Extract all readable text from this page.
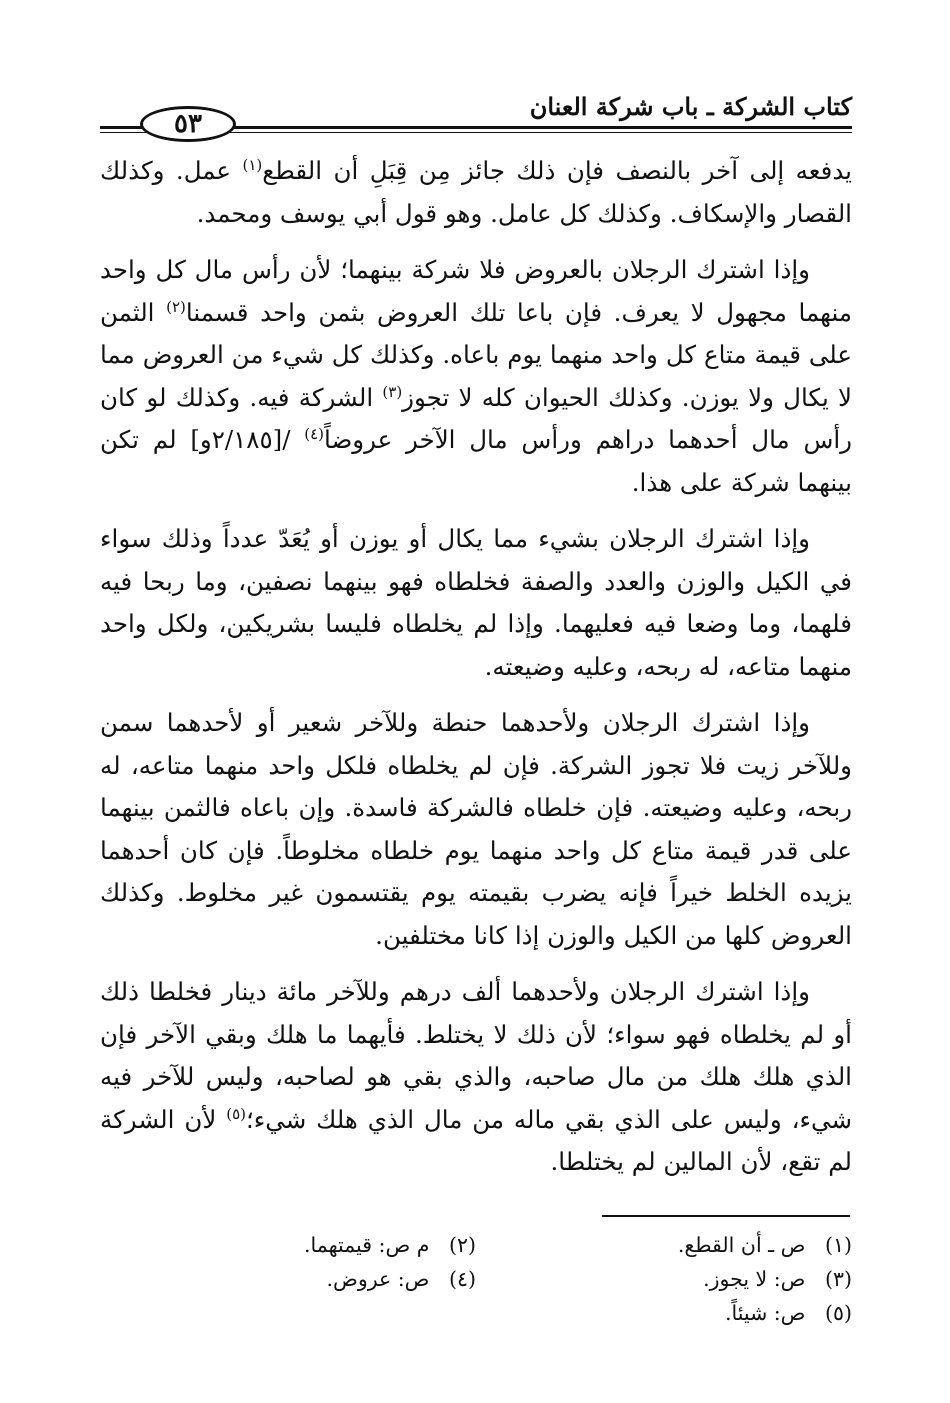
كتاب الشركة ـ باب شركة العنان
٥٣

يدفعه إلى آخر بالنصف فإن ذلك جائز مِن قِبَلِ أن القطع$^{(١)}$ عمل. وكذلك القصار والإسكاف. وكذلك كل عامل. وهو قول أبي يوسف ومحمد.

وإذا اشترك الرجلان بالعروض فلا شركة بينهما؛ لأن رأس مال كل واحد منهما مجهول لا يعرف. فإن باعا تلك العروض بثمن واحد قسمنا$^{(٢)}$ الثمن على قيمة متاع كل واحد منهما يوم باعاه. وكذلك كل شيء من العروض مما لا يكال ولا يوزن. وكذلك الحيوان كله لا تجوز$^{(٣)}$ الشركة فيه. وكذلك لو كان رأس مال أحدهما دراهم ورأس مال الآخر عروضاً$^{(٤)}$ /[٢/١٨٥و] لم تكن بينهما شركة على هذا.

وإذا اشترك الرجلان بشيء مما يكال أو يوزن أو يُعَدّ عدداً وذلك سواء في الكيل والوزن والعدد والصفة فخلطاه فهو بينهما نصفين، وما ربحا فيه فلهما، وما وضعا فيه فعليهما. وإذا لم يخلطاه فليسا بشريكين، ولكل واحد منهما متاعه، له ربحه، وعليه وضيعته.

وإذا اشترك الرجلان ولأحدهما حنطة وللآخر شعير أو لأحدهما سمن وللآخر زيت فلا تجوز الشركة. فإن لم يخلطاه فلكل واحد منهما متاعه، له ربحه، وعليه وضيعته. فإن خلطاه فالشركة فاسدة. وإن باعاه فالثمن بينهما على قدر قيمة متاع كل واحد منهما يوم خلطاه مخلوطاً. فإن كان أحدهما يزيده الخلط خيراً فإنه يضرب بقيمته يوم يقتسمون غير مخلوط. وكذلك العروض كلها من الكيل والوزن إذا كانا مختلفين.

وإذا اشترك الرجلان ولأحدهما ألف درهم وللآخر مائة دينار فخلطا ذلك أو لم يخلطاه فهو سواء؛ لأن ذلك لا يختلط. فأيهما ما هلك وبقي الآخر فإن الذي هلك هلك من مال صاحبه، والذي بقي هو لصاحبه، وليس للآخر فيه شيء، وليس على الذي بقي ماله من مال الذي هلك شيء؛$^{(٥)}$ لأن الشركة لم تقع، لأن المالين لم يختلطا.

(١) ص ـ أن القطع.
(٢) م ص: قيمتهما.
(٣) ص: لا يجوز.
(٤) ص: عروض.
(٥) ص: شيئاً.
